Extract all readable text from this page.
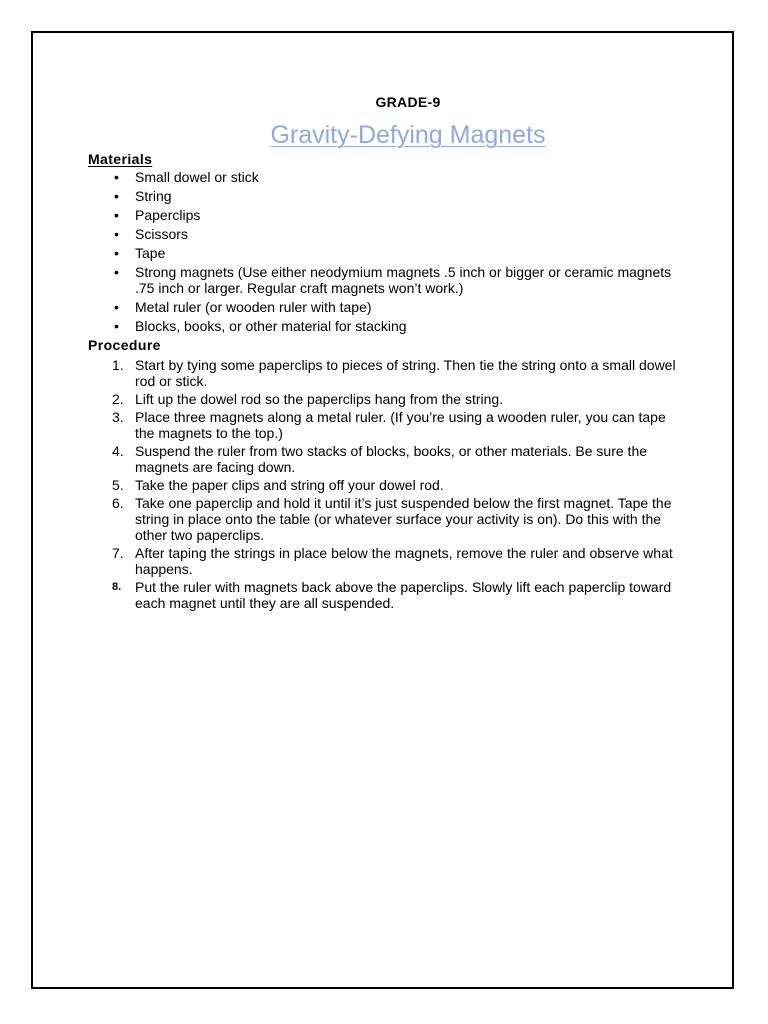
GRADE-9
Gravity-Defying Magnets
Materials
• Small dowel or stick
• String
• Paperclips
• Scissors
• Tape
• Strong magnets (Use either neodymium magnets .5 inch or bigger or ceramic magnets .75 inch or larger. Regular craft magnets won’t work.)
• Metal ruler (or wooden ruler with tape)
• Blocks, books, or other material for stacking
Procedure
1. Start by tying some paperclips to pieces of string. Then tie the string onto a small dowel rod or stick.
2. Lift up the dowel rod so the paperclips hang from the string.
3. Place three magnets along a metal ruler. (If you’re using a wooden ruler, you can tape the magnets to the top.)
4. Suspend the ruler from two stacks of blocks, books, or other materials. Be sure the magnets are facing down.
5. Take the paper clips and string off your dowel rod.
6. Take one paperclip and hold it until it’s just suspended below the first magnet. Tape the string in place onto the table (or whatever surface your activity is on). Do this with the other two paperclips.
7. After taping the strings in place below the magnets, remove the ruler and observe what happens.
8. Put the ruler with magnets back above the paperclips. Slowly lift each paperclip toward each magnet until they are all suspended.
